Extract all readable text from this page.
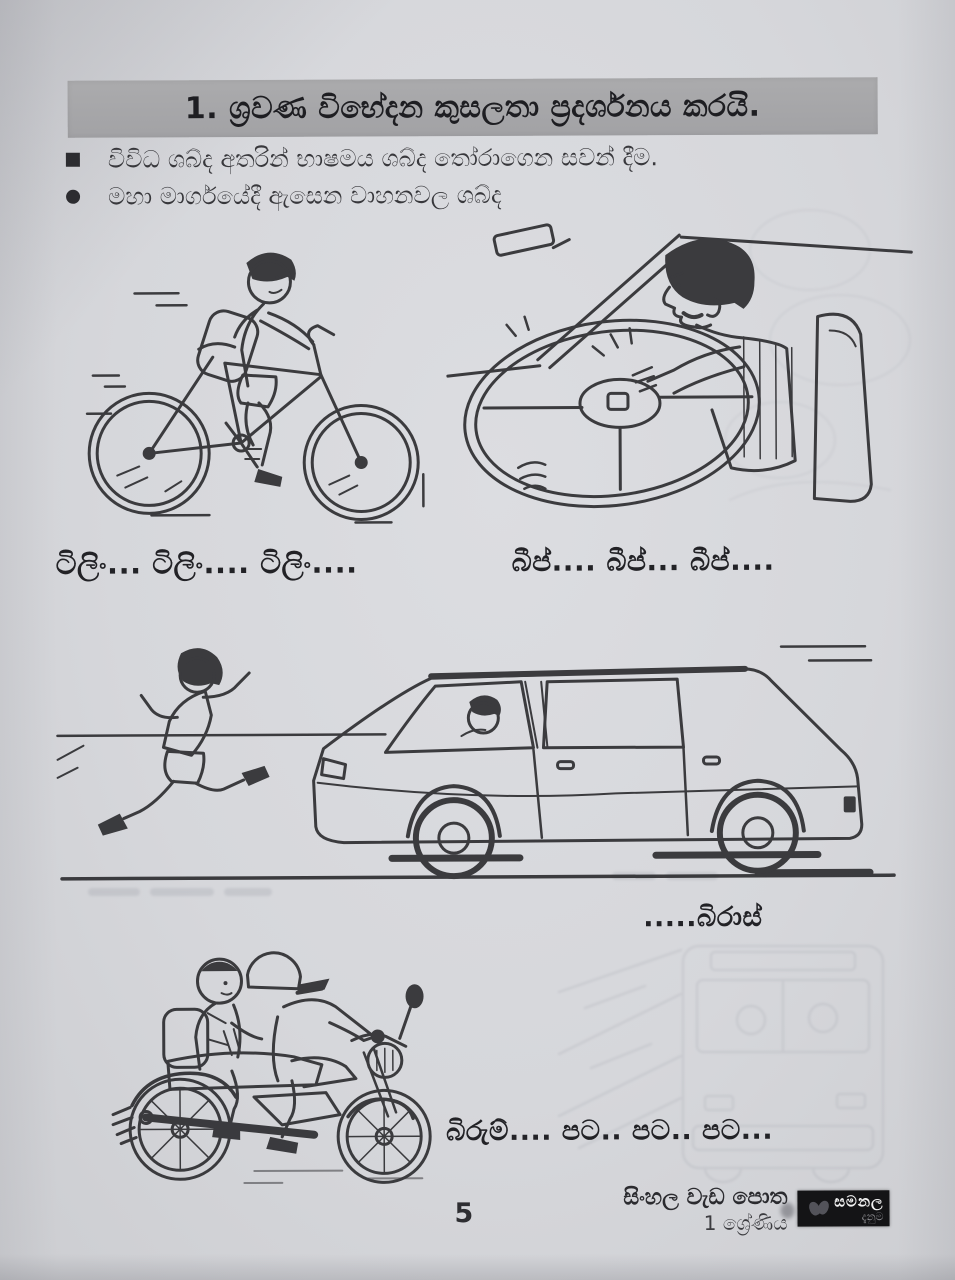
1. ශ්‍රවණ විභේදන කුසලතා ප්‍රදර්ශනය කරයි.
විවිධ ශබ්ද අතරින් භාෂමය ශබ්ද තෝරාගෙන සවන් දීම.
මහා මාර්ගයේදී ඇසෙන වාහනවල ශබ්ද
ටිලිං... ටිලිං.... ටිලිං....	බීප්.... බීප්... බීප්....
.....බිරාස්
බිරුම්.... පට.. පට.. පට...
5
සිංහල වැඩ පොත
1 ශ්‍රේණිය
සමනල
දැනුම
